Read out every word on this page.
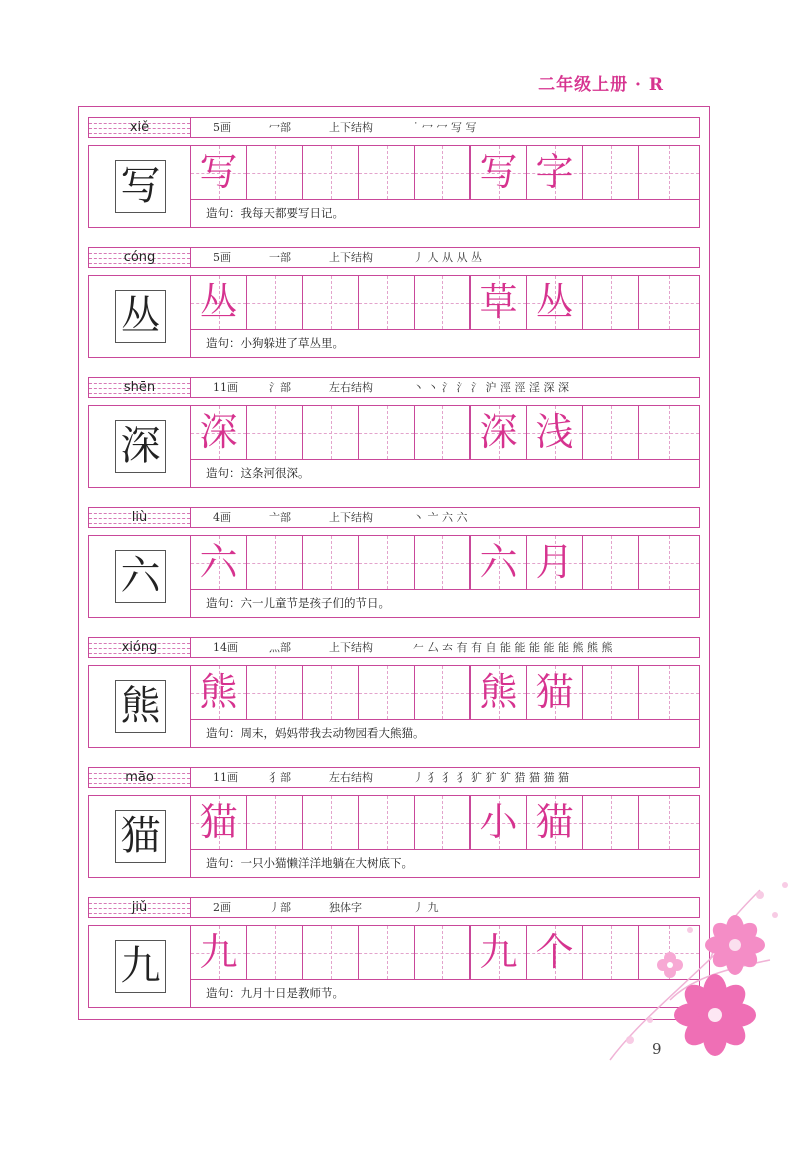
二年级上册 · R
xiě	5画	冖部	上下结构	˙ 冖 冖 写 写
写 写	写 字
造句：我每天都要写日记。
cóng	5画	一部	上下结构	丿 人 从 从 丛
丛 丛	草 丛
造句：小狗躲进了草丛里。
shēn	11画	氵部	左右结构	丶 丶 氵 氵 氵 沪 涇 涇 淫 深 深
深 深	深 浅
造句：这条河很深。
liù	4画	亠部	上下结构	丶 亠 六 六
六 六	六 月
造句：六一儿童节是孩子们的节日。
xióng	14画	灬部	上下结构	𠂉 厶 𠫓 有 有 自 能 能 能 能 能 熊 熊 熊
熊 熊	熊 猫
造句：周末，妈妈带我去动物园看大熊猫。
māo	11画	犭部	左右结构	丿 犭 犭 犭 犷 犷 犷 猎 猫 猫 猫
猫 猫	小 猫
造句：一只小猫懒洋洋地躺在大树底下。
jiǔ	2画	丿部	独体字	丿 九
九 九	九 个
造句：九月十日是教师节。
9
